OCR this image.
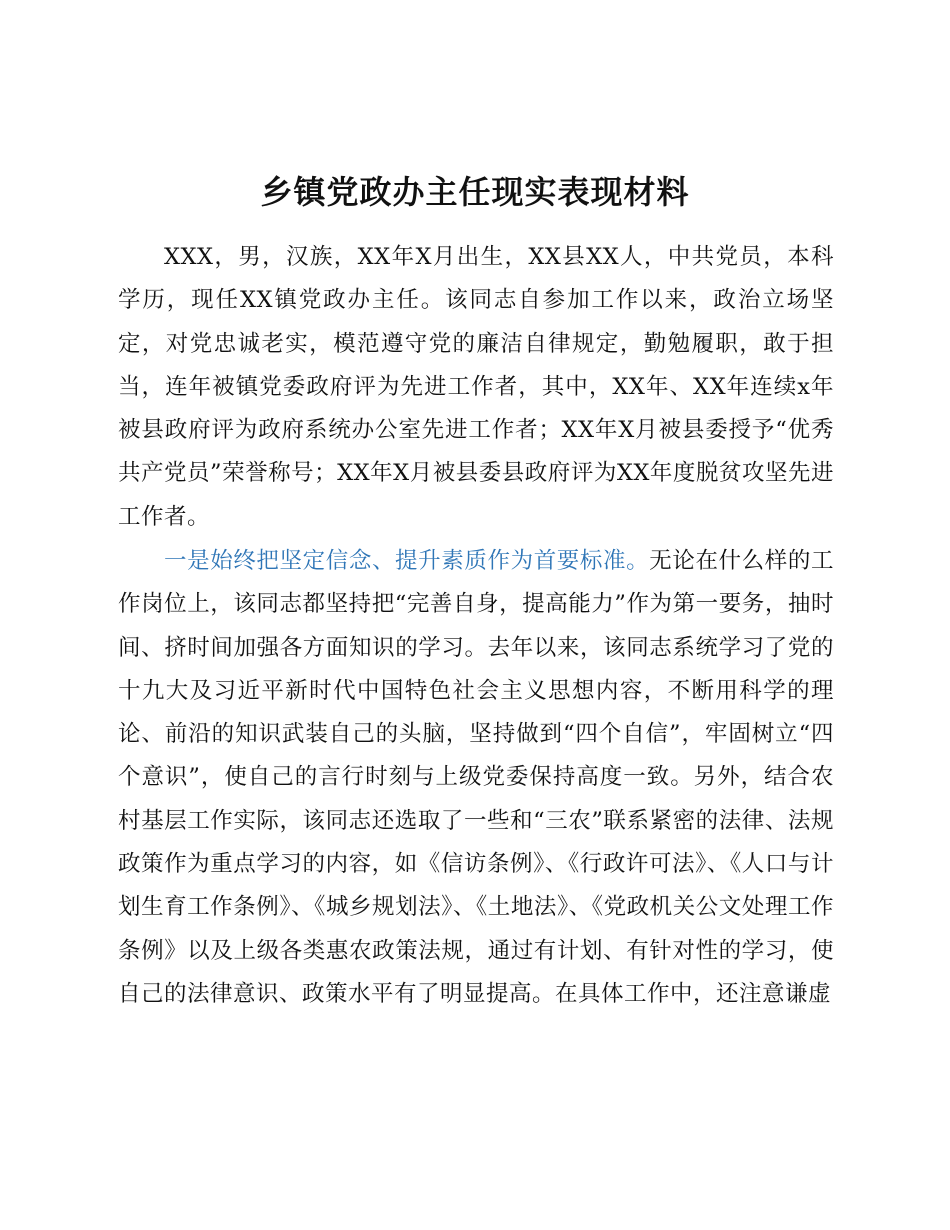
乡镇党政办主任现实表现材料

XXX，男，汉族，XX年X月出生，XX县XX人，中共党员，本科学历，现任XX镇党政办主任。该同志自参加工作以来，政治立场坚定，对党忠诚老实，模范遵守党的廉洁自律规定，勤勉履职，敢于担当，连年被镇党委政府评为先进工作者，其中，XX年、XX年连续x年被县政府评为政府系统办公室先进工作者；XX年X月被县委授予“优秀共产党员”荣誉称号；XX年X月被县委县政府评为XX年度脱贫攻坚先进工作者。

一是始终把坚定信念、提升素质作为首要标准。无论在什么样的工作岗位上，该同志都坚持把“完善自身，提高能力”作为第一要务，抽时间、挤时间加强各方面知识的学习。去年以来，该同志系统学习了党的十九大及习近平新时代中国特色社会主义思想内容，不断用科学的理论、前沿的知识武装自己的头脑，坚持做到“四个自信”，牢固树立“四个意识”，使自己的言行时刻与上级党委保持高度一致。另外，结合农村基层工作实际，该同志还选取了一些和“三农”联系紧密的法律、法规政策作为重点学习的内容，如《信访条例》、《行政许可法》、《人口与计划生育工作条例》、《城乡规划法》、《土地法》、《党政机关公文处理工作条例》以及上级各类惠农政策法规，通过有计划、有针对性的学习，使自己的法律意识、政策水平有了明显提高。在具体工作中，还注意谦虚
